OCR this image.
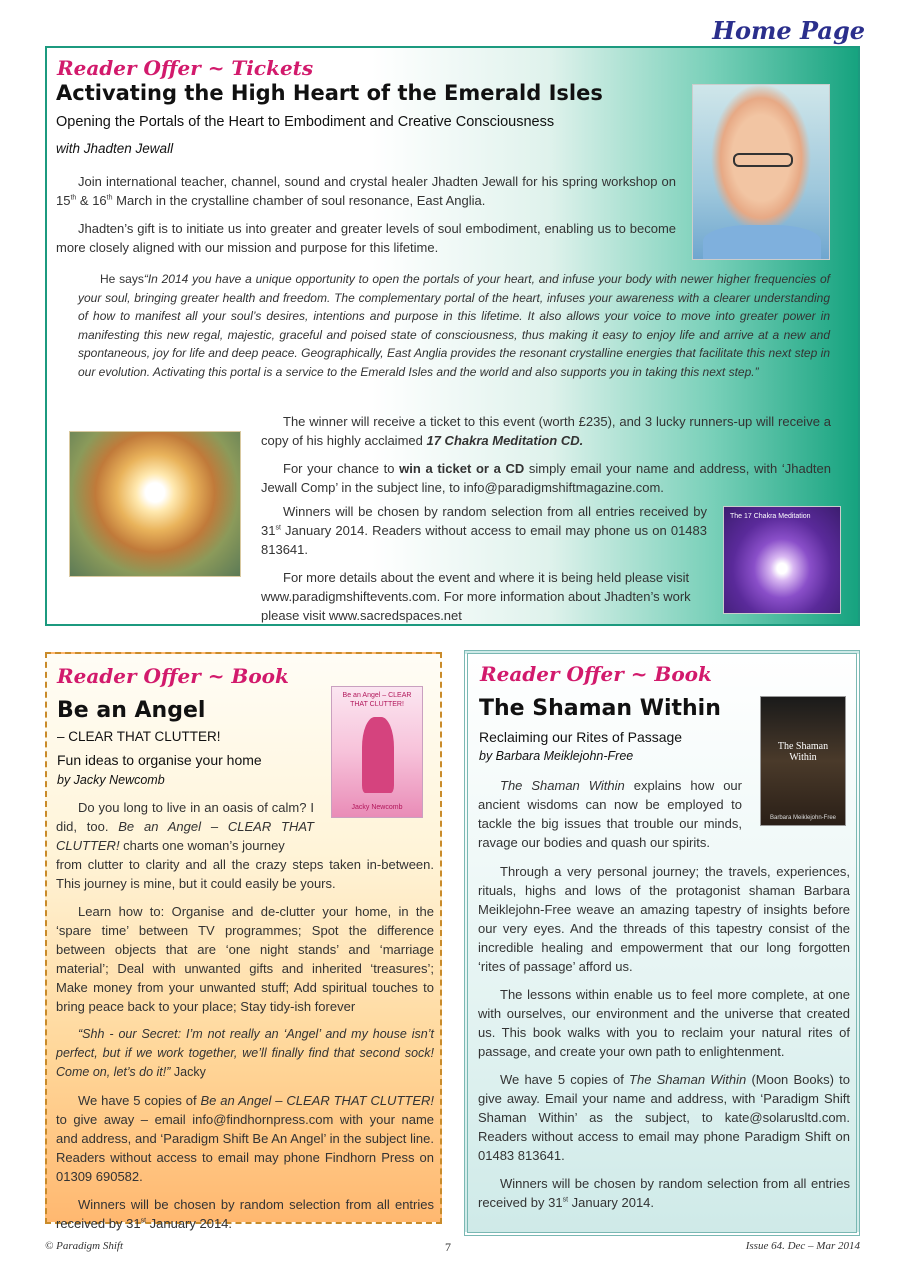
Home Page
Reader Offer ~ Tickets
Activating the High Heart of the Emerald Isles
Opening the Portals of the Heart to Embodiment and Creative Consciousness
with Jhadten Jewall

Join international teacher, channel, sound and crystal healer Jhadten Jewall for his spring workshop on 15th & 16th March in the crystalline chamber of soul resonance, East Anglia.

Jhadten’s gift is to initiate us into greater and greater levels of soul embodiment, enabling us to become more closely aligned with our mission and purpose for this lifetime.

He says“In 2014 you have a unique opportunity to open the portals of your heart, and infuse your body with newer higher frequencies of your soul, bringing greater health and freedom. The complementary portal of the heart, infuses your awareness with a clearer understanding of how to manifest all your soul’s desires, intentions and purpose in this lifetime. It also allows your voice to move into greater power in manifesting this new regal, majestic, graceful and poised state of consciousness, thus making it easy to enjoy life and arrive at a new and spontaneous, joy for life and deep peace. Geographically, East Anglia provides the resonant crystalline energies that facilitate this next step in our evolution. Activating this portal is a service to the Emerald Isles and the world and also supports you in taking this next step.”

The winner will receive a ticket to this event (worth £235), and 3 lucky runners-up will receive a copy of his highly acclaimed 17 Chakra Meditation CD.

For your chance to win a ticket or a CD simply email your name and address, with ‘Jhadten Jewall Comp’ in the subject line, to info@paradigmshiftmagazine.com.

Winners will be chosen by random selection from all entries received by 31st January 2014. Readers without access to email may phone us on 01483 813641.

For more details about the event and where it is being held please visit www.paradigmshiftevents.com. For more information about Jhadten’s work please visit www.sacredspaces.net

The 17 Chakra Meditation
Reader Offer ~ Book
Be an Angel
– CLEAR THAT CLUTTER!
Fun ideas to organise your home
by Jacky Newcomb
Be an Angel – CLEAR THAT CLUTTER!
Jacky Newcomb

Do you long to live in an oasis of calm? I did, too. Be an Angel – CLEAR THAT CLUTTER! charts one woman’s journey

from clutter to clarity and all the crazy steps taken in-between. This journey is mine, but it could easily be yours.

Learn how to: Organise and de-clutter your home, in the ‘spare time’ between TV programmes; Spot the difference between objects that are ‘one night stands’ and ‘marriage material’; Deal with unwanted gifts and inherited ‘treasures’; Make money from your unwanted stuff; Add spiritual touches to bring peace back to your place; Stay tidy-ish forever

“Shh - our Secret: I’m not really an ‘Angel’ and my house isn’t perfect, but if we work together, we’ll finally find that second sock! Come on, let’s do it!” Jacky

We have 5 copies of Be an Angel – CLEAR THAT CLUTTER! to give away – email info@findhornpress.com with your name and address, and ‘Paradigm Shift Be An Angel’ in the subject line. Readers without access to email may phone Findhorn Press on 01309 690582.

Winners will be chosen by random selection from all entries received by 31st January 2014.

Reader Offer ~ Book
The Shaman Within
Reclaiming our Rites of Passage
by Barbara Meiklejohn-Free
The Shaman Within
Barbara Meiklejohn-Free

The Shaman Within explains how our ancient wisdoms can now be employed to tackle the big issues that trouble our minds, ravage our bodies and quash our spirits.

Through a very personal journey; the travels, experiences, rituals, highs and lows of the protagonist shaman Barbara Meiklejohn-Free weave an amazing tapestry of insights before our very eyes. And the threads of this tapestry consist of the incredible healing and empowerment that our long forgotten ‘rites of passage’ afford us.

The lessons within enable us to feel more complete, at one with ourselves, our environment and the universe that created us. This book walks with you to reclaim your natural rites of passage, and create your own path to enlightenment.

We have 5 copies of The Shaman Within (Moon Books) to give away. Email your name and address, with ‘Paradigm Shift Shaman Within’ as the subject, to kate@solarusltd.com. Readers without access to email may phone Paradigm Shift on 01483 813641.

Winners will be chosen by random selection from all entries received by 31st January 2014.

© Paradigm Shift	7	Issue 64. Dec – Mar 2014
